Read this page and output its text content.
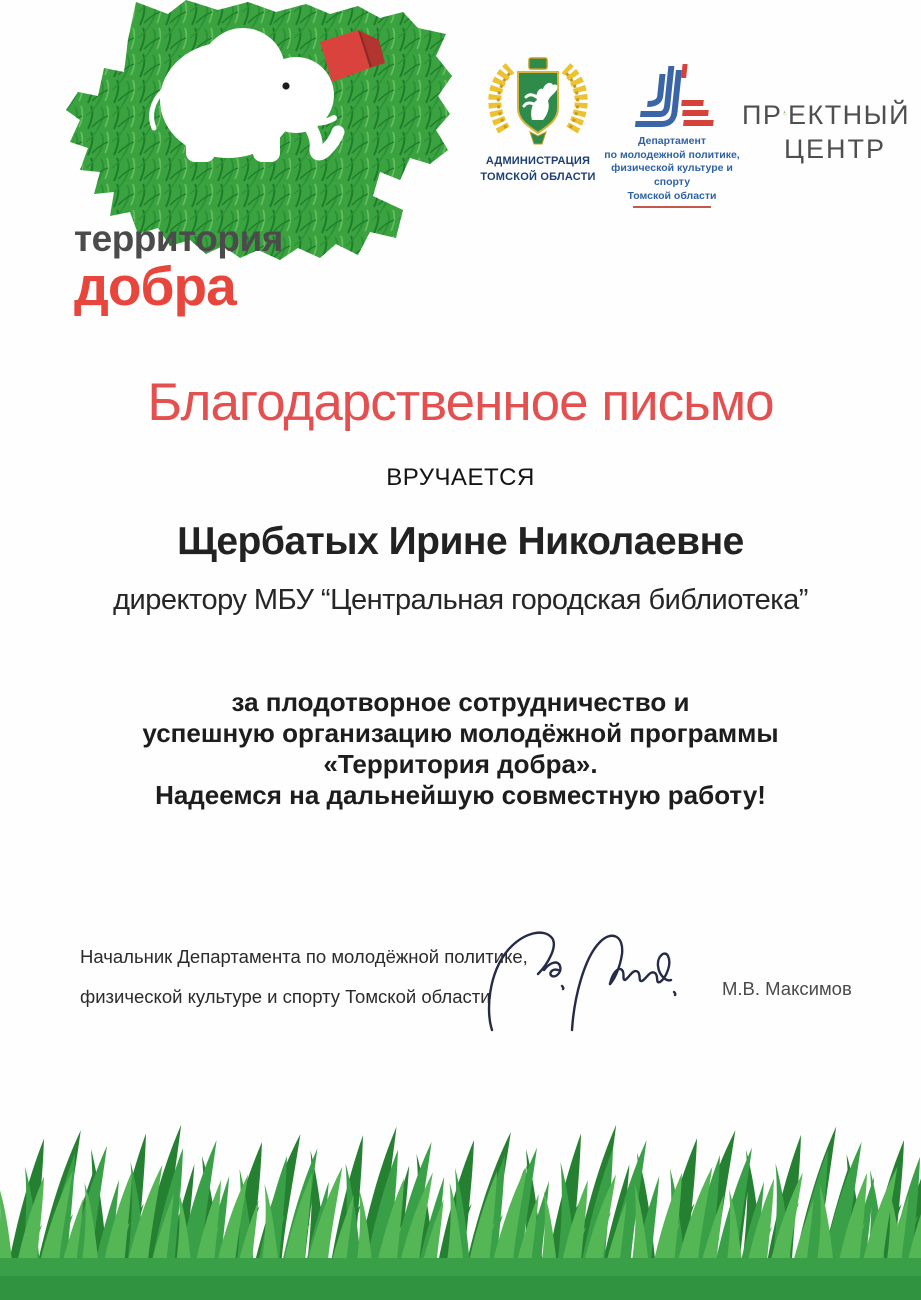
территория
добра
АДМИНИСТРАЦИЯ
ТОМСКОЙ ОБЛАСТИ
Департамент
по молодежной политике,
физической культуре и спорту
Томской области
ПР ЕКТНЫЙ
ЦЕНТР
Благодарственное письмо
ВРУЧАЕТСЯ
Щербатых Ирине Николаевне
директору МБУ “Центральная городская библиотека”
за плодотворное сотрудничество и
успешную организацию молодёжной программы
«Территория добра».
Надеемся на дальнейшую совместную работу!
Начальник Департамента по молодёжной политике,
физической культуре и спорту Томской области	М.В. Максимов
